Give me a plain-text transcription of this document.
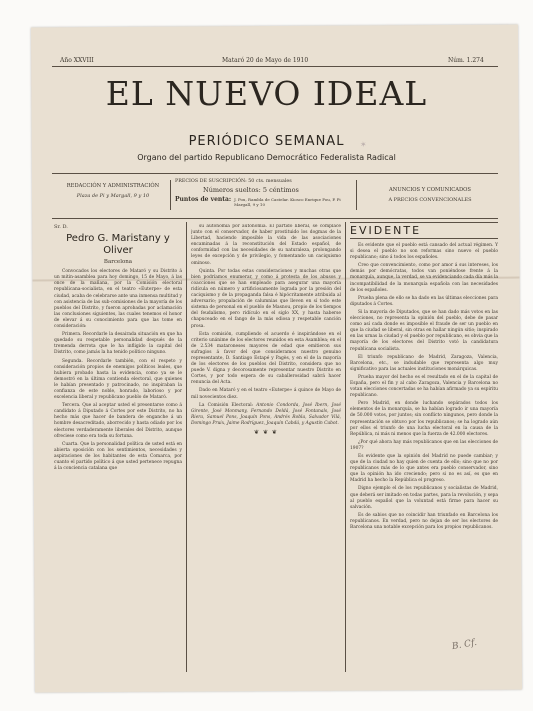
Año XXVIII	Mataró 20 de Mayo de 1910	Núm. 1.274
EL NUEVO IDEAL
PERIÓDICO SEMANAL
Organo del partido Republicano Democrático Federalista Radical
✶
REDACCIÓN Y ADMINISTRACIÓN
Plaza de Pi y Margall, 9 y 10
PRECIOS DE SUSCRIPCIÓN: 50 cts. mensuales
Números sueltos: 5 céntimos
Puntos de venta: J. Pou, Rambla de Castelar. Kiosco Enrique Pou, P. Pi Margall, 9 y 10
ANUNCIOS Y COMUNICADOS
A PRECIOS CONVENCIONALES
Sr. D.
Pedro G. Maristany y Oliver
Barcelona

Convocados los electores de Mataró y su Distrito á un mitin-asamblea para hoy domingo, 15 de Mayo, á las once de la mañana, por la Comisión electoral republicana-socialista, en el teatro «Euterpe» de esta ciudad, acaba de celebrarse ante una inmensa multitud y con asistencia de las sub-comisiones de la mayoría de los pueblos del Distrito, y fueron aprobadas por aclamación las conclusiones siguientes, las cuales tenemos el honor de elevar á su conocimiento para que las tome en consideración:

Primera. Recordarle la desairada situación en que ha quedado su respetable personalidad después de la tremenda derrota que le ha infligido la capital del Distrito, como jamás la ha tenido político ninguno.

Segunda. Recordarle también, con el respeto y consideración propios de enemigos políticos leales, que hubiera probado hasta la evidencia, como ya se le demostró en la última contienda electoral, que quienes le habían presentado y patrocinado, no inspiraban la confianza de este noble, honrado, laborioso y por excelencia liberal y republicano pueblo de Mataró.

Tercera. Que al aceptar usted el presentarse como á candidato á Diputado á Cortes por este Distrito, no ha hecho más que hacer de bandera de enganche á un hombre desacreditado, aborrecido y hasta odiado por los electores verdaderamente liberales del Distrito, aunque ofreciese como era toda su fortuna.

Cuarta. Que la personalidad política de usted está en abierta oposición con los sentimientos, necesidades y aspiraciones de los habitantes de esta Comarca, por cuanto el partido político á que usted pertenece repugna á la conciencia catalana que

su autonomía por autonomía. El partido liberal, se complace junto con el conservador, de haber prostituido los dogmas de la Libertad, haciendo imposible la vida de las asociaciones encaminadas á la reconstitución del Estado español, de conformidad con las necesidades de su naturaleza, prolongando leyes de excepción y de privilegio, y fomentando un caciquismo ominoso.

Quinta. Por todas estas consideraciones y muchas otras que bien podríamos enumerar, y como á protesta de los abusos y coacciones que se han empleado para asegurar una mayoría ridícula en número y artificiosamente lograda por la presión del caciquismo y de la propaganda falsa é hipócritamente atribuida al adversario; propalación de calumnias que lleven en sí todo este sistema de personal en el pueblo de Masnou, propio de los tiempos del feudalismo, pero ridículo en el siglo XX, y hasta haberse chapuceado en el fango de la más odiosa y respetable canción prosa.

Esta comisión, cumpliendo el acuerdo é inspirándose en el criterio unánime de los electores reunidos en esta Asamblea; en el de 2.534 mataroneses mayores de edad que emitieron sus sufragios á favor del que consideramos nuestro genuino representante, D. Santiago Estapé y Pagès, y en el de la mayoría de los electores de los pueblos del Distrito, considera que no puede V. digna y decorosamente representar nuestro Distrito en Cortes, y por todo espera de su caballerosidad sabrá hacer renuncia del Acta.

Dado en Mataró y en el teatro «Euterpe» á quince de Mayo de mil novecientos diez.

La Comisión Electoral: Antonio Condorda, José Ibern, José Girente, José Monmany, Fernando Deldá, José Fontanals, José Riera, Samuel Pons, Joaquín Pons, Andrés Robla, Salvador Vilá, Domingo Pruix, Jaime Rodríguez, Joaquín Cabdá, y Agustín Cabot.

❦ ❦ ❦
EVIDENTE

Es evidente que el pueblo está cansado del actual régimen. Y si desea el pueblo no son reformas sino nuevo el pueblo republicano; sino á todos los españoles.

Creo que convencimiento, como por amor á sus intereses, los demás por demócratas, todos van poniéndose frente á la monarquía, aunque, la verdad, se va evidenciando cada día más la incompatibilidad de la monarquía española con las necesidades de los españoles.

Prueba plena de ello se ha dado en las últimas elecciones para diputados á Cortes.

Si la mayoría de Diputados, que se han dado más votos en las elecciones, no representa la opinión del pueblo, debe de pasar como así cada donde es imposible el fraude de ser un pueblo en que la ciudad se liberal, sin otras en hallar ningún sitio; inspirado en las urnas la ciudad y el pueblo por republicano, es obvia que la mayoría de los electores del Distrito votó la candidatura republicana socialista.

El triunfo republicano de Madrid, Zaragoza, Valencia, Barcelona, etc., se indudable que representa algo muy significativo para las actuales instituciones monárquicas.

Prueba mayor del hecho es el resultado en el de la capital de España, pero el fin y al cabo Zaragoza, Valencia y Barcelona no votan elecciones concertadas se ha habían afirmado ya su espíritu republicano.

Pero Madrid, en donde luchando sepárados todos los elementos de la monarquía, se ha habían logrado ir una mayoría de 50.000 votos, por juntos; sin conflicto ningunos, pero donde la representación se obtuvo por los republicanos; se ha logrado aún por ellos el triunfo de una lucha electoral en la causa de la República, ni más ni menos que la fuerza de 42.000 electores.

¿Por qué ahora hay más republicanos que en las elecciones de 1907?

Es evidente que la opinión del Madrid no puede cambiar; y que de la ciudad no hay quien de cuenta de ello; sino que no por republicanos más de lo que antes era pueblo conservador, sino que la opinión ha ido creciendo; pero si no es así, es que en Madrid ha hecho la República el progreso.

Digno ejemplo el de los republicanos y socialistas de Madrid, que deberá ser imitado en todas partes, para la revolución, y sepa al pueblo español que la voluntad está firme para hacer su salvación.

Es de sabios que no coincidir han triunfado en Barcelona los republicanos. En verdad, pero no dejan de ser los electores de Barcelona una notable excepción para los propios republicanos.

B. Cf.
